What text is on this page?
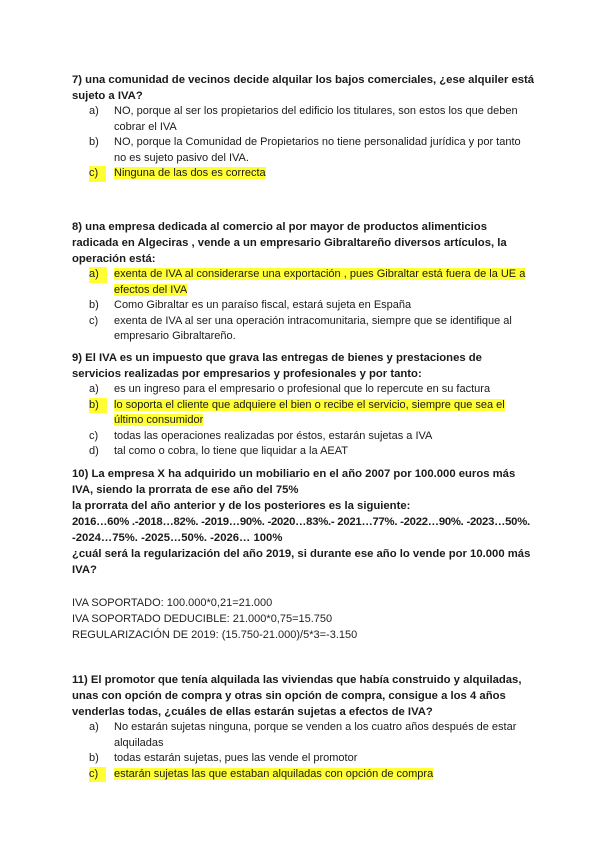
7) una comunidad de vecinos decide alquilar los bajos comerciales, ¿ese alquiler está
sujeto a IVA?
a) NO, porque al ser los propietarios del edificio los titulares, son estos los que deben
cobrar el IVA
b) NO, porque la Comunidad de Propietarios no tiene personalidad jurídica y por tanto
no es sujeto pasivo del IVA.
c)	Ninguna de las dos es correcta
8) una empresa dedicada al comercio al por mayor de productos alimenticios
radicada en Algeciras , vende a un empresario Gibraltareño diversos artículos, la
operación está:
a)	exenta de IVA al considerarse una exportación , pues Gibraltar está fuera de la UE a
efectos del IVA
b) Como Gibraltar es un paraíso fiscal, estará sujeta en España
c) exenta de IVA al ser una operación intracomunitaria, siempre que se identifique al
empresario Gibraltareño.
9) El IVA es un impuesto que grava las entregas de bienes y prestaciones de
servicios realizadas por empresarios y profesionales y por tanto:
a) es un ingreso para el empresario o profesional que lo repercute en su factura
b)	lo soporta el cliente que adquiere el bien o recibe el servicio, siempre que sea el
último consumidor
c) todas las operaciones realizadas por éstos, estarán sujetas a IVA
d) tal como o cobra, lo tiene que liquidar a la AEAT
10) La empresa X ha adquirido un mobiliario en el año 2007 por 100.000 euros más
IVA, siendo la prorrata de ese año del 75%
la prorrata del año anterior y de los posteriores es la siguiente:
2016…60% .-2018…82%. -2019…90%. -2020…83%.- 2021…77%. -2022…90%. -2023…50%.
-2024…75%. -2025…50%. -2026… 100%
¿cuál será la regularización del año 2019, si durante ese año lo vende por 10.000 más
IVA?
IVA SOPORTADO: 100.000*0,21=21.000
IVA SOPORTADO DEDUCIBLE: 21.000*0,75=15.750
REGULARIZACIÓN DE 2019: (15.750-21.000)/5*3=-3.150
11) El promotor que tenía alquilada las viviendas que había construido y alquiladas,
unas con opción de compra y otras sin opción de compra, consigue a los 4 años
venderlas todas, ¿cuáles de ellas estarán sujetas a efectos de IVA?
a) No estarán sujetas ninguna, porque se venden a los cuatro años después de estar
alquiladas
b) todas estarán sujetas, pues las vende el promotor
c)	estarán sujetas las que estaban alquiladas con opción de compra
